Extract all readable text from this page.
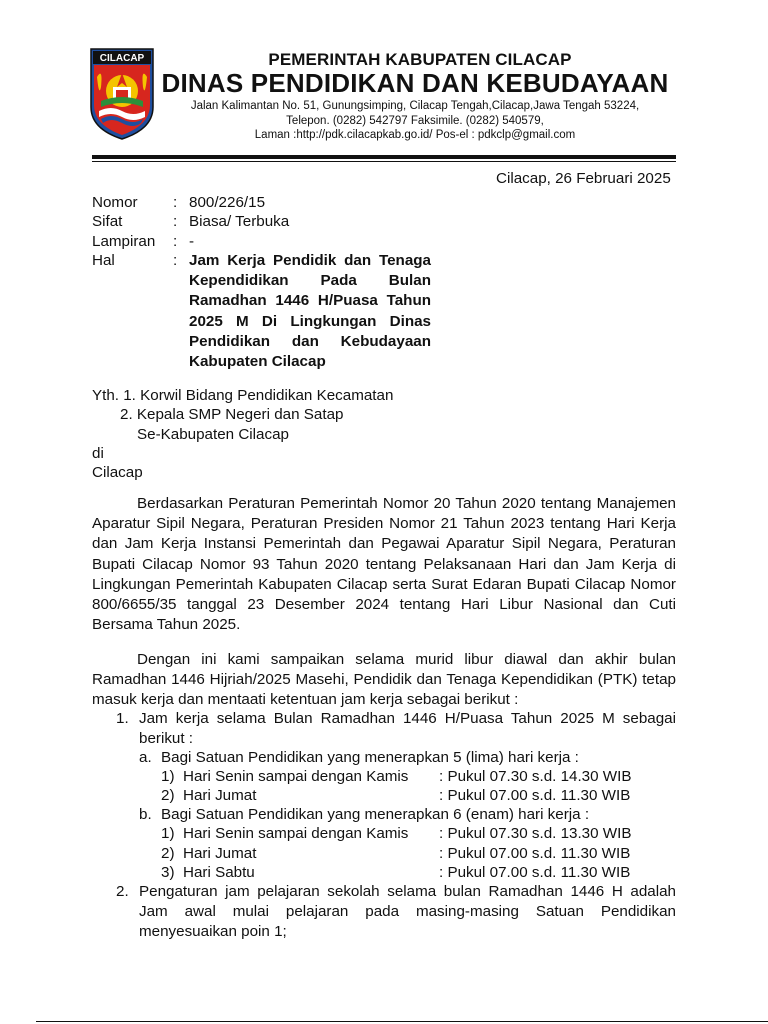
CILACAP	PEMERINTAH KABUPATEN CILACAP
DINAS PENDIDIKAN DAN KEBUDAYAAN
Jalan Kalimantan No. 51, Gunungsimping, Cilacap Tengah,Cilacap,Jawa Tengah 53224,
Telepon. (0282) 542797 Faksimile. (0282) 540579,
Laman :http://pdk.cilacapkab.go.id/ Pos-el : pdkclp@gmail.com
Cilacap, 26 Februari 2025
Nomor : 800/226/15
Sifat	: Biasa/ Terbuka
Lampiran : -
Hal	: Jam Kerja Pendidik dan Tenaga
Kependidikan Pada Bulan
Ramadhan 1446 H/Puasa Tahun
2025 M Di Lingkungan Dinas
Pendidikan dan Kebudayaan
Kabupaten Cilacap
Yth. 1. Korwil Bidang Pendidikan Kecamatan
2. Kepala SMP Negeri dan Satap
Se-Kabupaten Cilacap
di
Cilacap
Berdasarkan Peraturan Pemerintah Nomor 20 Tahun 2020 tentang Manajemen
Aparatur Sipil Negara, Peraturan Presiden Nomor 21 Tahun 2023 tentang Hari Kerja
dan Jam Kerja Instansi Pemerintah dan Pegawai Aparatur Sipil Negara, Peraturan
Bupati Cilacap Nomor 93 Tahun 2020 tentang Pelaksanaan Hari dan Jam Kerja di
Lingkungan Pemerintah Kabupaten Cilacap serta Surat Edaran Bupati Cilacap Nomor
800/6655/35 tanggal 23 Desember 2024 tentang Hari Libur Nasional dan Cuti
Bersama Tahun 2025.
Dengan ini kami sampaikan selama murid libur diawal dan akhir bulan
Ramadhan 1446 Hijriah/2025 Masehi, Pendidik dan Tenaga Kependidikan (PTK) tetap
masuk kerja dan mentaati ketentuan jam kerja sebagai berikut :
1. Jam kerja selama Bulan Ramadhan 1446 H/Puasa Tahun 2025 M sebagai
berikut :
a. Bagi Satuan Pendidikan yang menerapkan 5 (lima) hari kerja :
1) Hari Senin sampai dengan Kamis : Pukul 07.30 s.d. 14.30 WIB
2) Hari Jumat	: Pukul 07.00 s.d. 11.30 WIB
b. Bagi Satuan Pendidikan yang menerapkan 6 (enam) hari kerja :
1) Hari Senin sampai dengan Kamis : Pukul 07.30 s.d. 13.30 WIB
2) Hari Jumat	: Pukul 07.00 s.d. 11.30 WIB
3) Hari Sabtu	: Pukul 07.00 s.d. 11.30 WIB
2. Pengaturan jam pelajaran sekolah selama bulan Ramadhan 1446 H adalah
Jam awal mulai pelajaran pada masing-masing Satuan Pendidikan
menyesuaikan poin 1;
